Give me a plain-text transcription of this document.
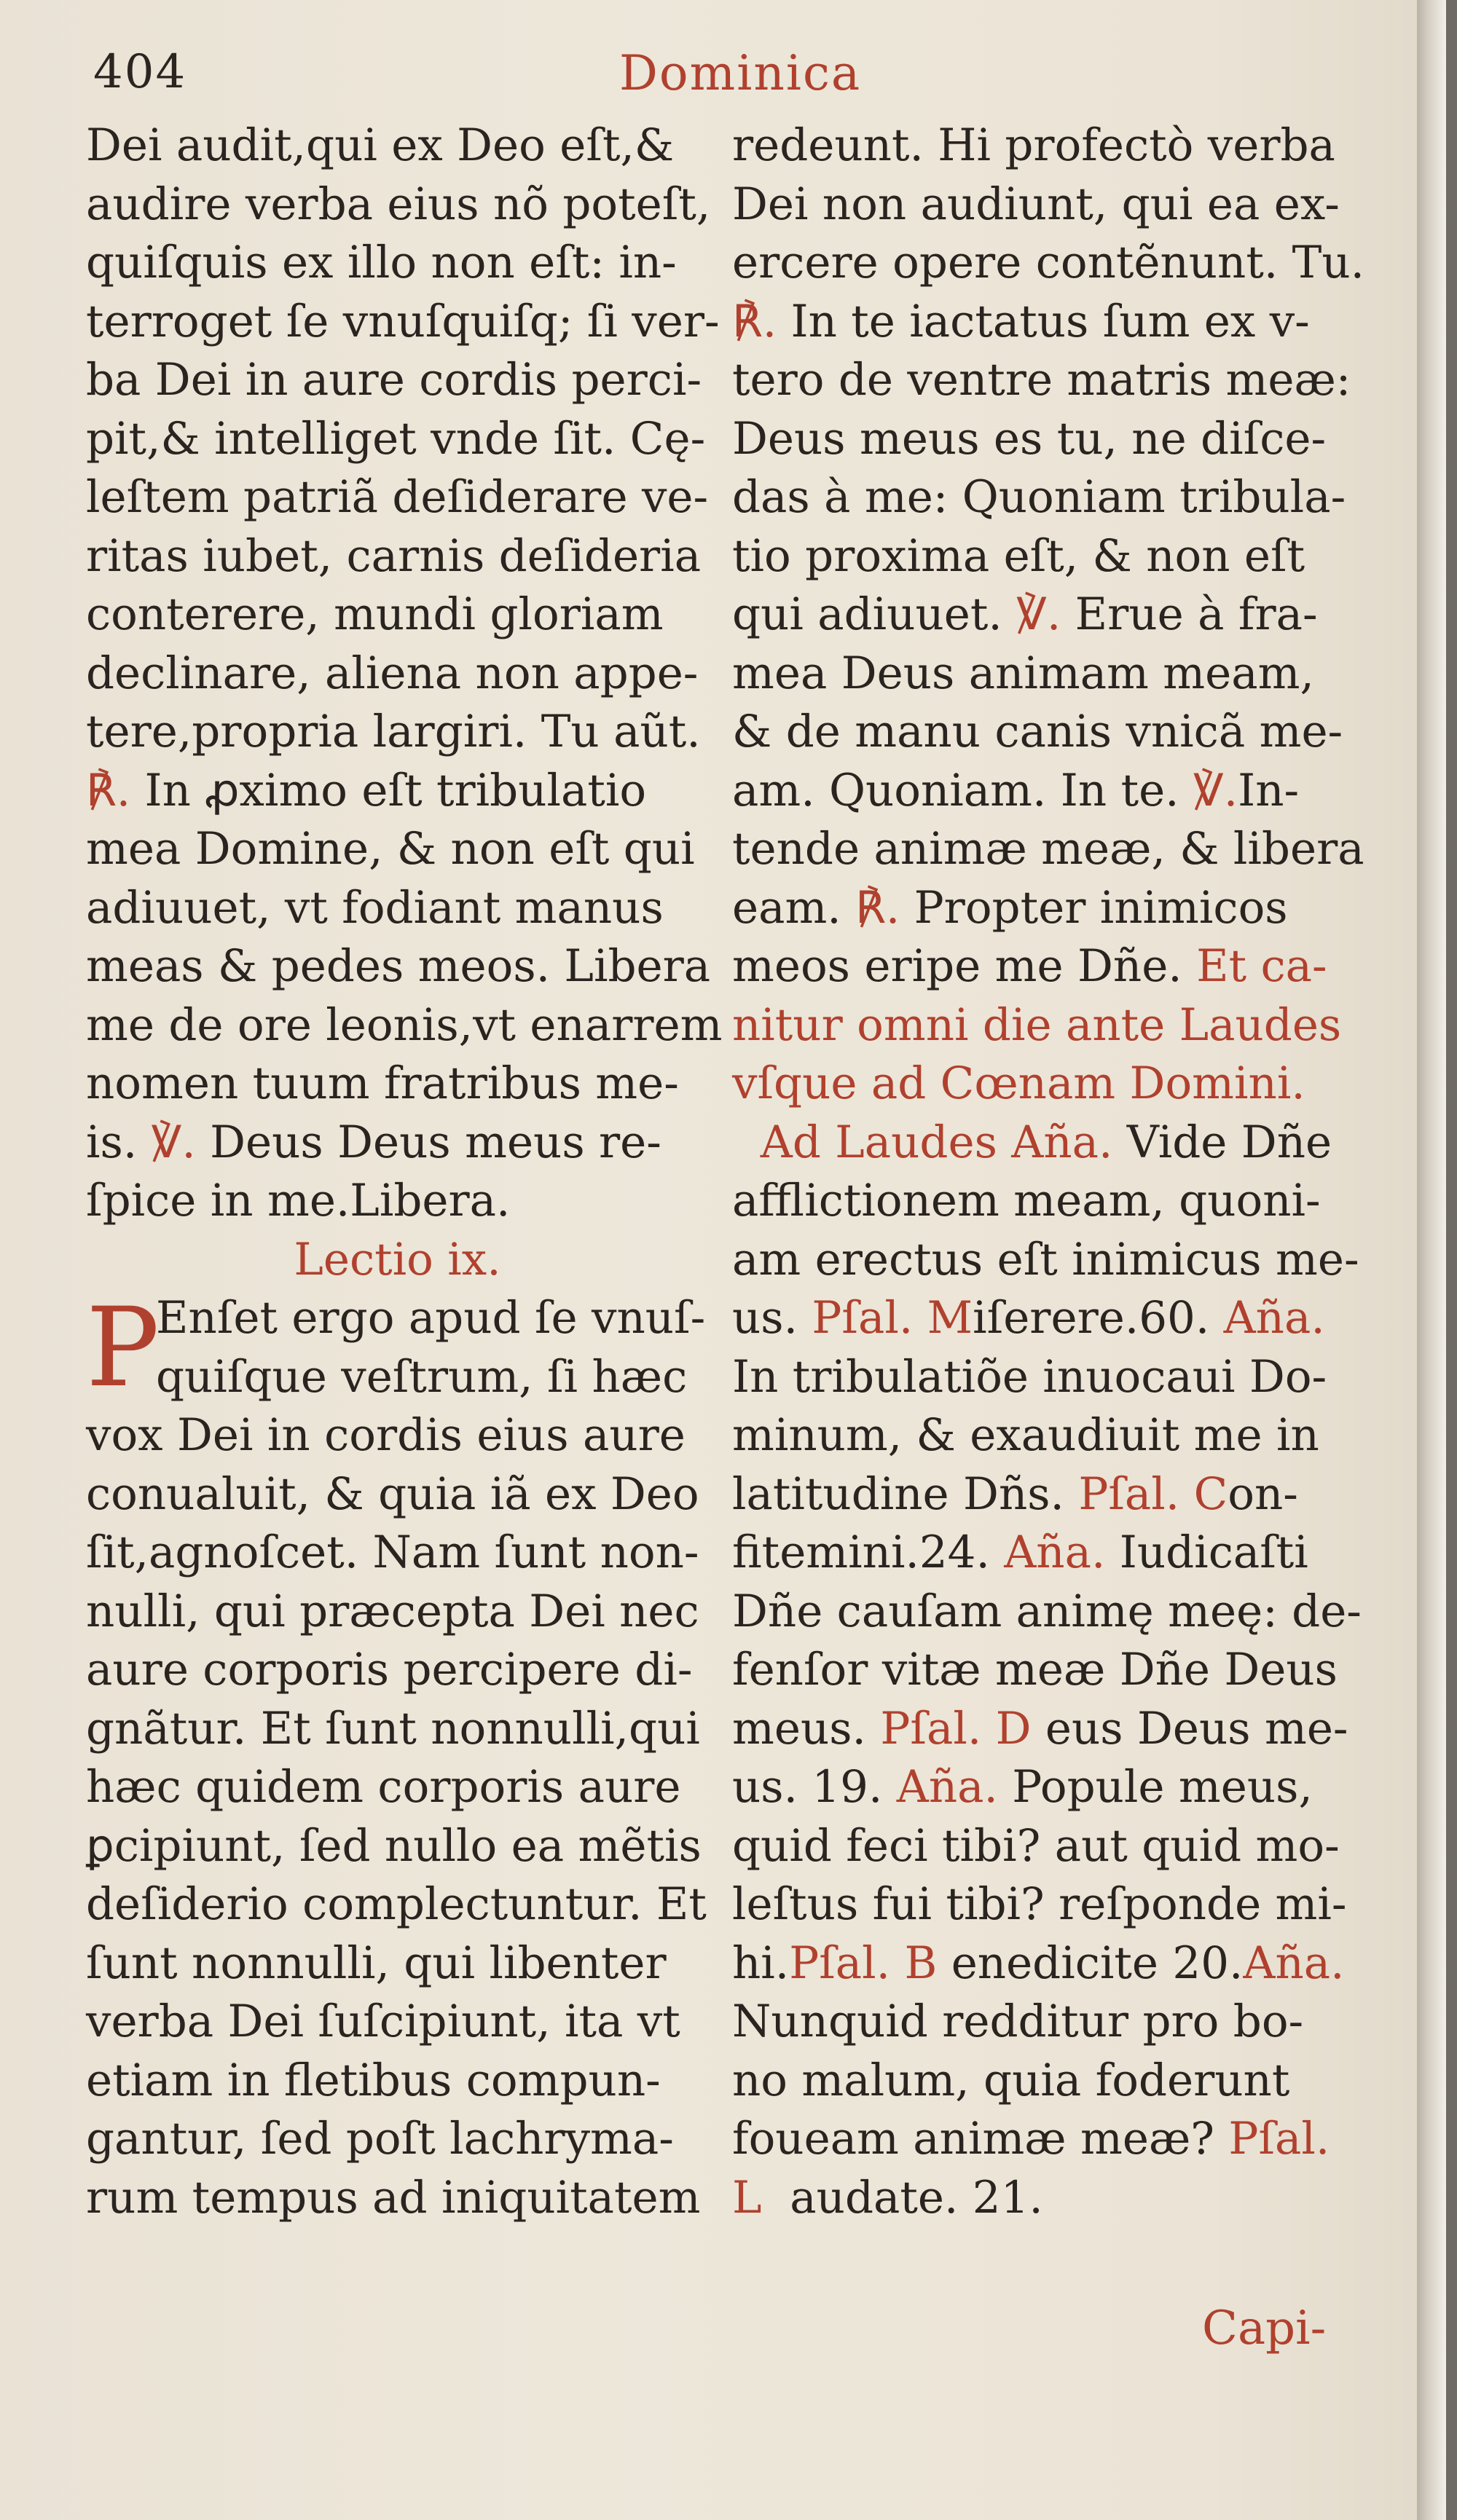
404	Dominica
Dei audit,qui ex Deo eſt,&
audire verba eius nõ poteſt,
quiſquis ex illo non eſt: in-
terroget ſe vnuſquiſq; ſi ver-
ba Dei in aure cordis perci-
pit,& intelliget vnde ſit. Cę-
leſtem patriã deſiderare ve-
ritas iubet, carnis deſideria
conterere, mundi gloriam
declinare, aliena non appe-
tere,propria largiri. Tu aũt.
℟. In ꝓximo eſt tribulatio
mea Domine, & non eſt qui
adiuuet, vt fodiant manus
meas & pedes meos. Libera
me de ore leonis,vt enarrem
nomen tuum fratribus me-
is. ℣. Deus Deus meus re-
ſpice in me.Libera.
Lectio ix.
P
Enſet ergo apud ſe vnuſ-
quiſque veſtrum, ſi hæc
vox Dei in cordis eius aure
conualuit, & quia iã ex Deo
ſit,agnoſcet. Nam ſunt non-
nulli, qui præcepta Dei nec
aure corporis percipere di-
gnãtur. Et ſunt nonnulli,qui
hæc quidem corporis aure
ꝑcipiunt, ſed nullo ea mẽtis
deſiderio complectuntur. Et
ſunt nonnulli, qui libenter
verba Dei ſuſcipiunt, ita vt
etiam in fletibus compun-
gantur, ſed poſt lachryma-
rum tempus ad iniquitatem
redeunt. Hi profectò verba
Dei non audiunt, qui ea ex-
ercere opere contẽnunt. Tu.
℟. In te iactatus ſum ex v-
tero de ventre matris meæ:
Deus meus es tu, ne diſce-
das à me: Quoniam tribula-
tio proxima eſt, & non eſt
qui adiuuet. ℣. Erue à fra-
mea Deus animam meam,
& de manu canis vnicã me-
am. Quoniam. In te. ℣.In-
tende animæ meæ, & libera
eam. ℟. Propter inimicos
meos eripe me Dñe. Et ca-
nitur omni die ante Laudes
vſque ad Cœnam Domini.
Ad Laudes Añа. Vide Dñe
afflictionem meam, quoni-
am erectus eſt inimicus me-
us. Pſal. Miſerere.60. Aña.
In tribulatiõe inuocaui Do-
minum, & exaudiuit me in
latitudine Dñs. Pſal. Con-
fitemini.24. Aña. Iudicaſti
Dñe cauſam animę meę: de-
fenſor vitæ meæ Dñe Deus
meus. Pſal. D eus Deus me-
us. 19. Aña. Popule meus,
quid feci tibi? aut quid mo-
leſtus fui tibi? reſponde mi-
hi.Pſal. B enedicite 20.Aña.
Nunquid redditur pro bo-
no malum, quia foderunt
foueam animæ meæ? Pſal.
L audate. 21.
Capi-
